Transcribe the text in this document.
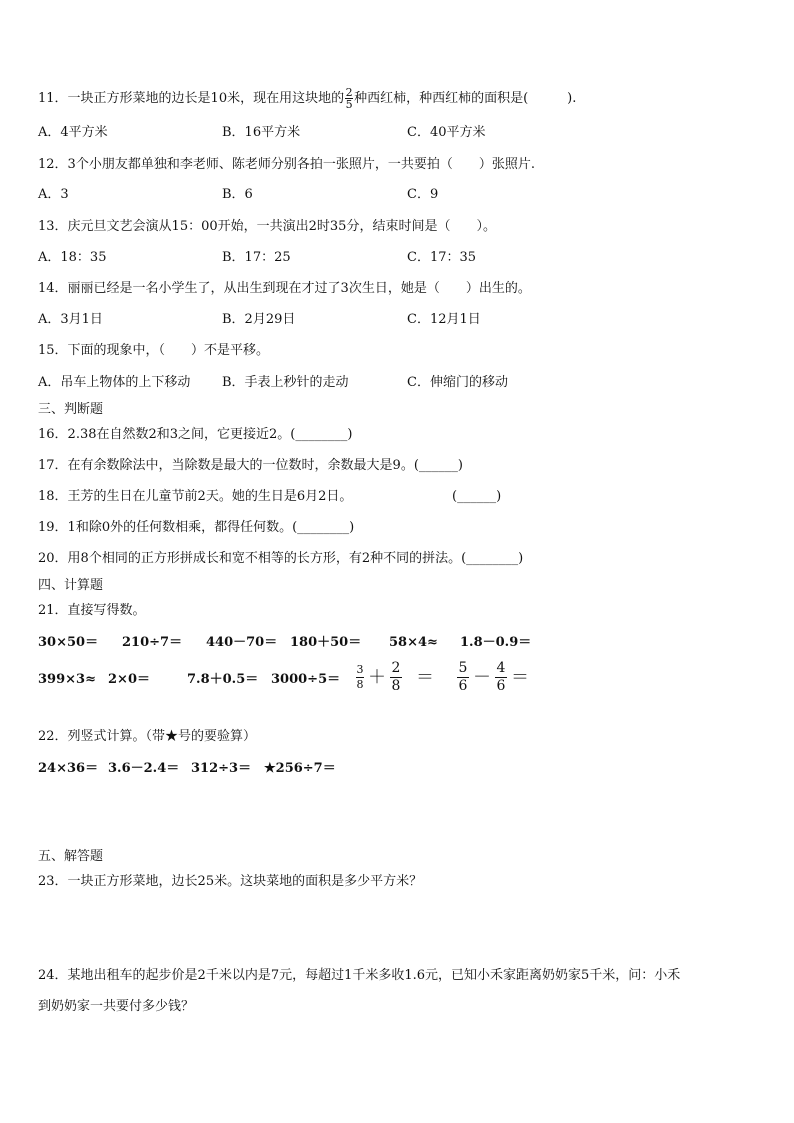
11．一块正方形菜地的边长是10米，现在用这块地的 $\frac{2}{5}$ 种西红柿，种西红柿的面积是(　　　).
A．4平方米	B．16平方米	C．40平方米
12．3个小朋友都单独和李老师、陈老师分别各拍一张照片，一共要拍（　　）张照片.
A．3	B．6	C．9
13．庆元旦文艺会演从15：00开始，一共演出2时35分，结束时间是（　　）。
A．18：35	B．17：25	C．17：35
14．丽丽已经是一名小学生了，从出生到现在才过了3次生日，她是（　　）出生的。
A．3月1日	B．2月29日	C．12月1日
15．下面的现象中，（　　）不是平移。
A．吊车上物体的上下移动 B．手表上秒针的走动	C．伸缩门的移动
三、判断题
16．2.38在自然数2和3之间，它更接近2。(________)
17．在有余数除法中，当除数是最大的一位数时，余数最大是9。(______)
18．王芳的生日在儿童节前2天。她的生日是6月2日。	(______)
19．1和除0外的任何数相乘，都得任何数。(________)
20．用8个相同的正方形拼成长和宽不相等的长方形，有2种不同的拼法。(________)
四、计算题
21．直接写得数。
30×50＝ 210÷7＝ 440－70＝ 180＋50＝ 58×4≈ 1.8－0.9＝
399×3≈ 2×0＝	$7.8+0.5= 3000\div 5= \frac{3}{8} + \frac{2}{8} = \frac{5}{6} - \frac{4}{6}$ ＝
22．列竖式计算。（带★号的要验算）
24×36＝ 3.6－2.4＝ 312÷3＝ ★256÷7＝
五、解答题
23．一块正方形菜地，边长25米。这块菜地的面积是多少平方米？
24．某地出租车的起步价是2千米以内是7元，每超过1千米多收1.6元，已知小禾家距离奶奶家5千米，问：小禾
到奶奶家一共要付多少钱？
